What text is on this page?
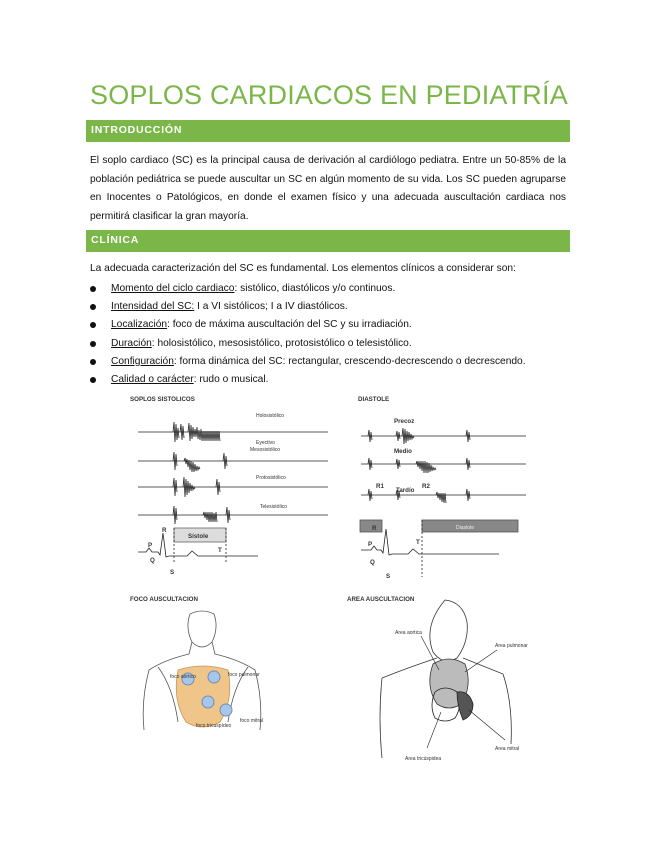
SOPLOS CARDIACOS EN PEDIATRÍA
INTRODUCCIÓN
El soplo cardiaco (SC) es la principal causa de derivación al cardiólogo pediatra. Entre un 50-85% de la población pediátrica se puede auscultar un SC en algún momento de su vida. Los SC pueden agruparse en Inocentes o Patológicos, en donde el examen físico y una adecuada auscultación cardiaca nos permitirá clasificar la gran mayoría.
CLÍNICA
La adecuada caracterización del SC es fundamental. Los elementos clínicos a considerar son:
Momento del ciclo cardiaco: sistólico, diastólicos y/o continuos.
Intensidad del SC: I a VI sistólicos; I a IV diastólicos.
Localización: foco de máxima auscultación del SC y su irradiación.
Duración: holosistólico, mesosistólico, protosistólico o telesistólico.
Configuración: forma dinámica del SC: rectangular, crescendo-decrescendo o decrescendo.
Calidad o carácter: rudo o musical.
SOPLOS SISTOLICOS
Holosistólico
Eyectivo
Mesosistólico
Protosistólico
Telesistólico
Sístole
P
R
Q
S
T
DIASTOLE
Precoz
Medio
Tardío
R1	R2
Diastole
R
P	T
Q
S
FOCO AUSCULTACION
foco aórtico	foco pulmonar
foco tricuspídeo
foco mitral
AREA AUSCULTACION
Area aortica
Area pulmonar
Area tricúspidea
Area mitral
